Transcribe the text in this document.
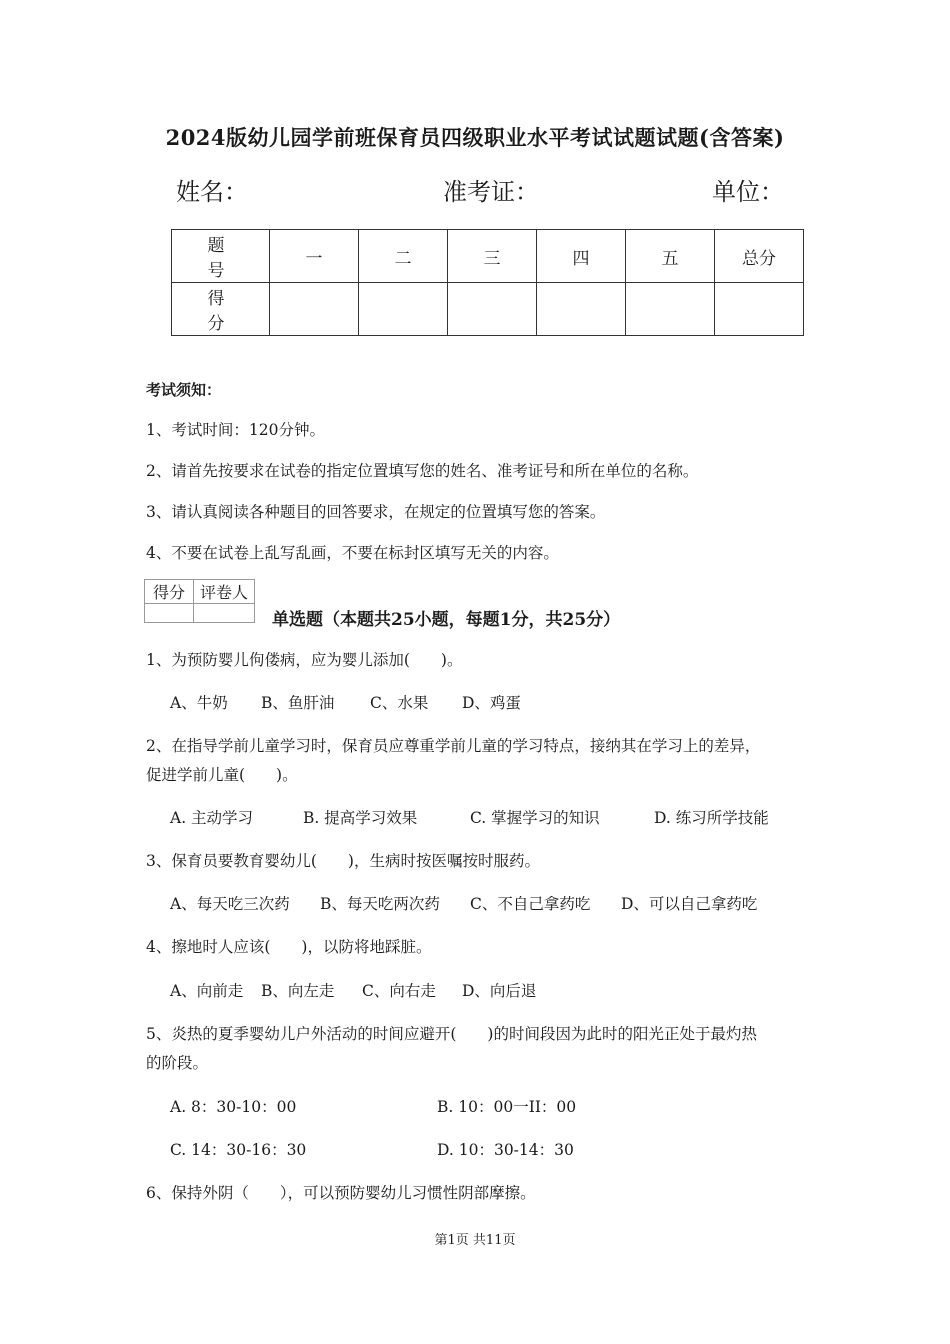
2024版幼儿园学前班保育员四级职业水平考试试题试题(含答案)
姓名：	准考证：	单位：
题　号	一	二	三	四	五	总分
得　分						
考试须知：
1、考试时间：120分钟。
2、请首先按要求在试卷的指定位置填写您的姓名、准考证号和所在单位的名称。
3、请认真阅读各种题目的回答要求，在规定的位置填写您的答案。
4、不要在试卷上乱写乱画，不要在标封区填写无关的内容。
得分	评卷人

单选题（本题共25小题，每题1分，共25分）
1、为预防婴儿佝偻病，应为婴儿添加(　　)。
A、牛奶 B、鱼肝油 C、水果 D、鸡蛋
2、在指导学前儿童学习时，保育员应尊重学前儿童的学习特点，接纳其在学习上的差异，
促进学前儿童(　　)。
A. 主动学习	B. 提高学习效果	C. 掌握学习的知识	D. 练习所学技能
3、保育员要教育婴幼儿(　　)，生病时按医嘱按时服药。
A、每天吃三次药 B、每天吃两次药 C、不自己拿药吃 D、可以自己拿药吃
4、擦地时人应该(　　)，以防将地踩脏。
A、向前走 B、向左走 C、向右走 D、向后退
5、炎热的夏季婴幼儿户外活动的时间应避开(　　)的时间段因为此时的阳光正处于最灼热
的阶段。
A. 8：30-10：00	B. 10：00一II：00
C. 14：30-16：30	D. 10：30-14：30
6、保持外阴（　　），可以预防婴幼儿习惯性阴部摩擦。
第1页 共11页
